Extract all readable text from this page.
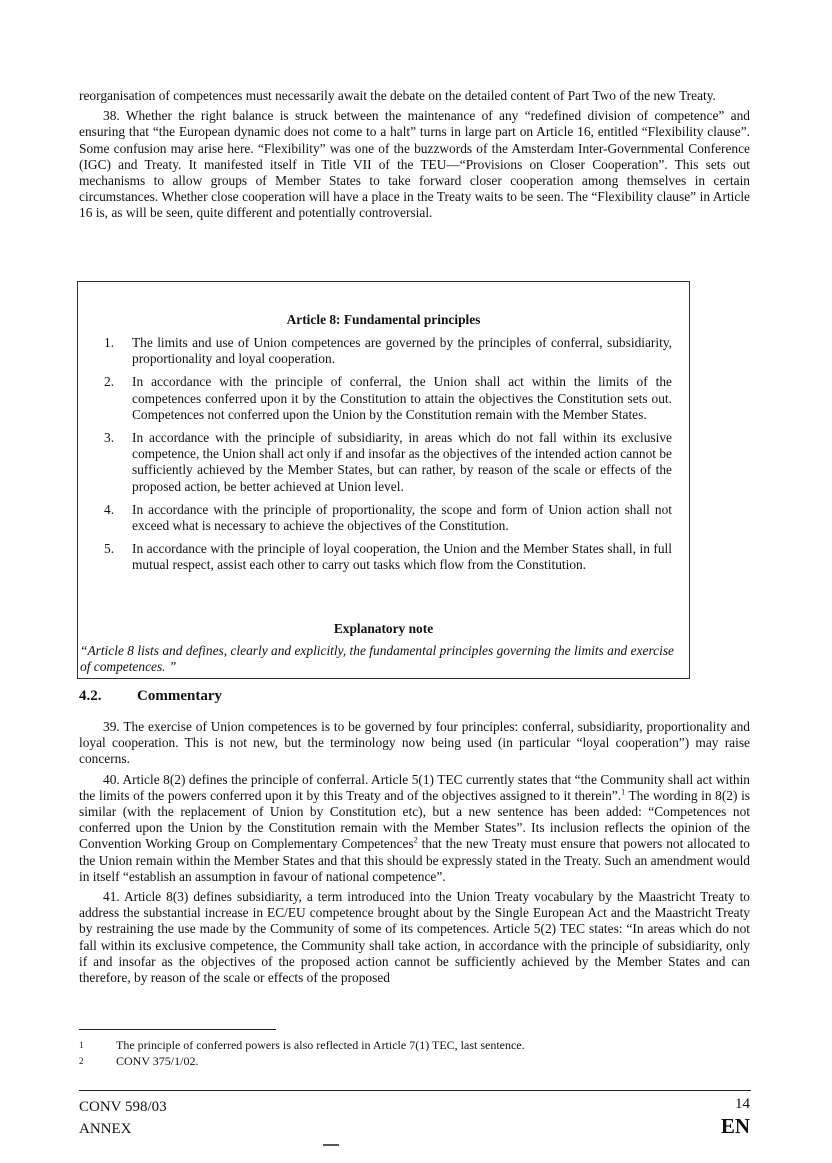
reorganisation of competences must necessarily await the debate on the detailed content of Part Two of the new Treaty.

38. Whether the right balance is struck between the maintenance of any “redefined division of competence” and ensuring that “the European dynamic does not come to a halt” turns in large part on Article 16, entitled “Flexibility clause”. Some confusion may arise here. “Flexibility” was one of the buzzwords of the Amsterdam Inter-Governmental Conference (IGC) and Treaty. It manifested itself in Title VII of the TEU—“Provisions on Closer Cooperation”. This sets out mechanisms to allow groups of Member States to take forward closer cooperation among themselves in certain circumstances. Whether close cooperation will have a place in the Treaty waits to be seen. The “Flexibility clause” in Article 16 is, as will be seen, quite different and potentially controversial.

Article 8: Fundamental principles
1.	The limits and use of Union competences are governed by the principles of conferral, subsidiarity, proportionality and loyal cooperation.
2.	In accordance with the principle of conferral, the Union shall act within the limits of the competences conferred upon it by the Constitution to attain the objectives the Constitution sets out. Competences not conferred upon the Union by the Constitution remain with the Member States.
3.	In accordance with the principle of subsidiarity, in areas which do not fall within its exclusive competence, the Union shall act only if and insofar as the objectives of the intended action cannot be sufficiently achieved by the Member States, but can rather, by reason of the scale or effects of the proposed action, be better achieved at Union level.
4.	In accordance with the principle of proportionality, the scope and form of Union action shall not exceed what is necessary to achieve the objectives of the Constitution.
5.	In accordance with the principle of loyal cooperation, the Union and the Member States shall, in full mutual respect, assist each other to carry out tasks which flow from the Constitution.
Explanatory note

“Article 8 lists and defines, clearly and explicitly, the fundamental principles governing the limits and exercise of competences. ”

4.2. Commentary

39. The exercise of Union competences is to be governed by four principles: conferral, subsidiarity, proportionality and loyal cooperation. This is not new, but the terminology now being used (in particular “loyal cooperation”) may raise concerns.

40. Article 8(2) defines the principle of conferral. Article 5(1) TEC currently states that “the Community shall act within the limits of the powers conferred upon it by this Treaty and of the objectives assigned to it therein”.$^1$ The wording in 8(2) is similar (with the replacement of Union by Constitution etc), but a new sentence has been added: “Competences not conferred upon the Union by the Constitution remain with the Member States”. Its inclusion reflects the opinion of the Convention Working Group on Complementary Competences$^2$ that the new Treaty must ensure that powers not allocated to the Union remain within the Member States and that this should be expressly stated in the Treaty. Such an amendment would in itself “establish an assumption in favour of national competence”.

41. Article 8(3) defines subsidiarity, a term introduced into the Union Treaty vocabulary by the Maastricht Treaty to address the substantial increase in EC/EU competence brought about by the Single European Act and the Maastricht Treaty by restraining the use made by the Community of some of its competences. Article 5(2) TEC states: “In areas which do not fall within its exclusive competence, the Community shall take action, in accordance with the principle of subsidiarity, only if and insofar as the objectives of the proposed action cannot be sufficiently achieved by the Member States and can therefore, by reason of the scale or effects of the proposed

1	The principle of conferred powers is also reflected in Article 7(1) TEC, last sentence.
2	CONV 375/1/02.
CONV 598/03
ANNEX
14
EN
